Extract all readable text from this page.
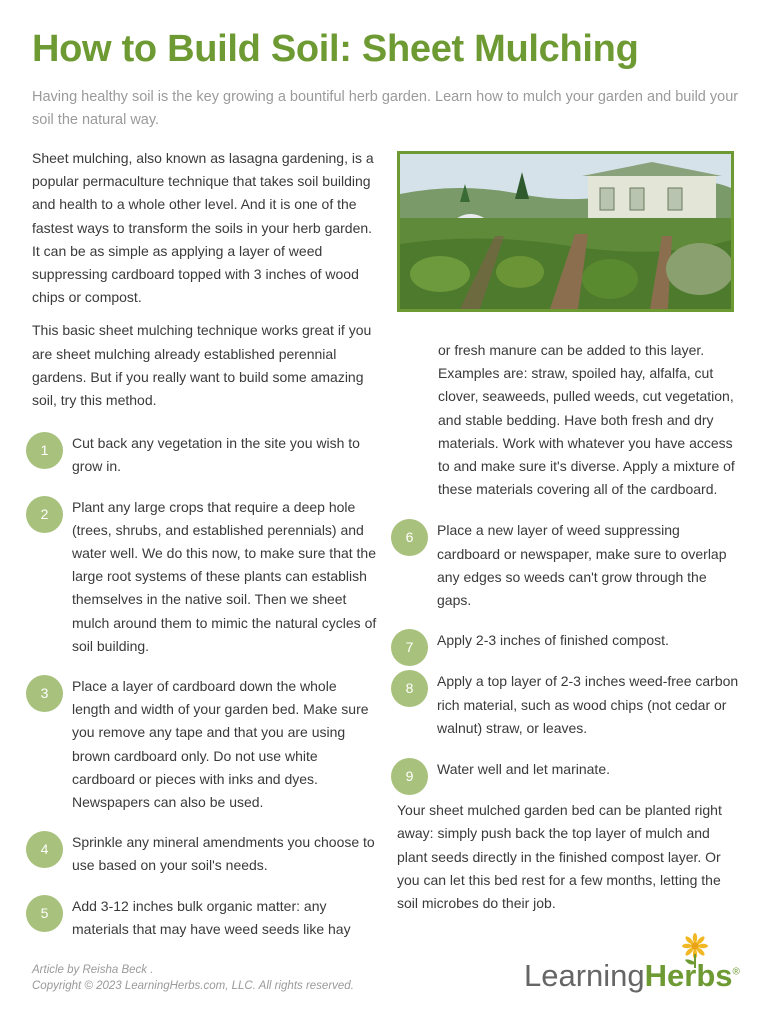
How to Build Soil: Sheet Mulching
Having healthy soil is the key growing a bountiful herb garden. Learn how to mulch your garden and build your soil the natural way.

Sheet mulching, also known as lasagna gardening, is a popular permaculture technique that takes soil building and health to a whole other level. And it is one of the fastest ways to transform the soils in your herb garden. It can be as simple as applying a layer of weed suppressing cardboard topped with 3 inches of wood chips or compost.

This basic sheet mulching technique works great if you are sheet mulching already established perennial gardens. But if you really want to build some amazing soil, try this method.

1	Cut back any vegetation in the site you wish to grow in.
2	Plant any large crops that require a deep hole (trees, shrubs, and established perennials) and water well. We do this now, to make sure that the large root systems of these plants can establish themselves in the native soil. Then we sheet mulch around them to mimic the natural cycles of soil building.
3	Place a layer of cardboard down the whole length and width of your garden bed. Make sure you remove any tape and that you are using brown cardboard only. Do not use white cardboard or pieces with inks and dyes. Newspapers can also be used.
4	Sprinkle any mineral amendments you choose to use based on your soil's needs.
5	Add 3-12 inches bulk organic matter: any materials that may have weed seeds like hay
or fresh manure can be added to this layer. Examples are: straw, spoiled hay, alfalfa, cut clover, seaweeds, pulled weeds, cut vegetation, and stable bedding. Have both fresh and dry materials. Work with whatever you have access to and make sure it's diverse. Apply a mixture of these materials covering all of the cardboard.
6	Place a new layer of weed suppressing cardboard or newspaper, make sure to overlap any edges so weeds can't grow through the gaps.
7	Apply 2-3 inches of finished compost.
8	Apply a top layer of 2-3 inches weed-free carbon rich material, such as wood chips (not cedar or walnut) straw, or leaves.
9	Water well and let marinate.

Your sheet mulched garden bed can be planted right away: simply push back the top layer of mulch and plant seeds directly in the finished compost layer. Or you can let this bed rest for a few months, letting the soil microbes do their job.

Article by Reisha Beck .
Copyright © 2023 LearningHerbs.com, LLC. All rights reserved.	LearningHerbs®
